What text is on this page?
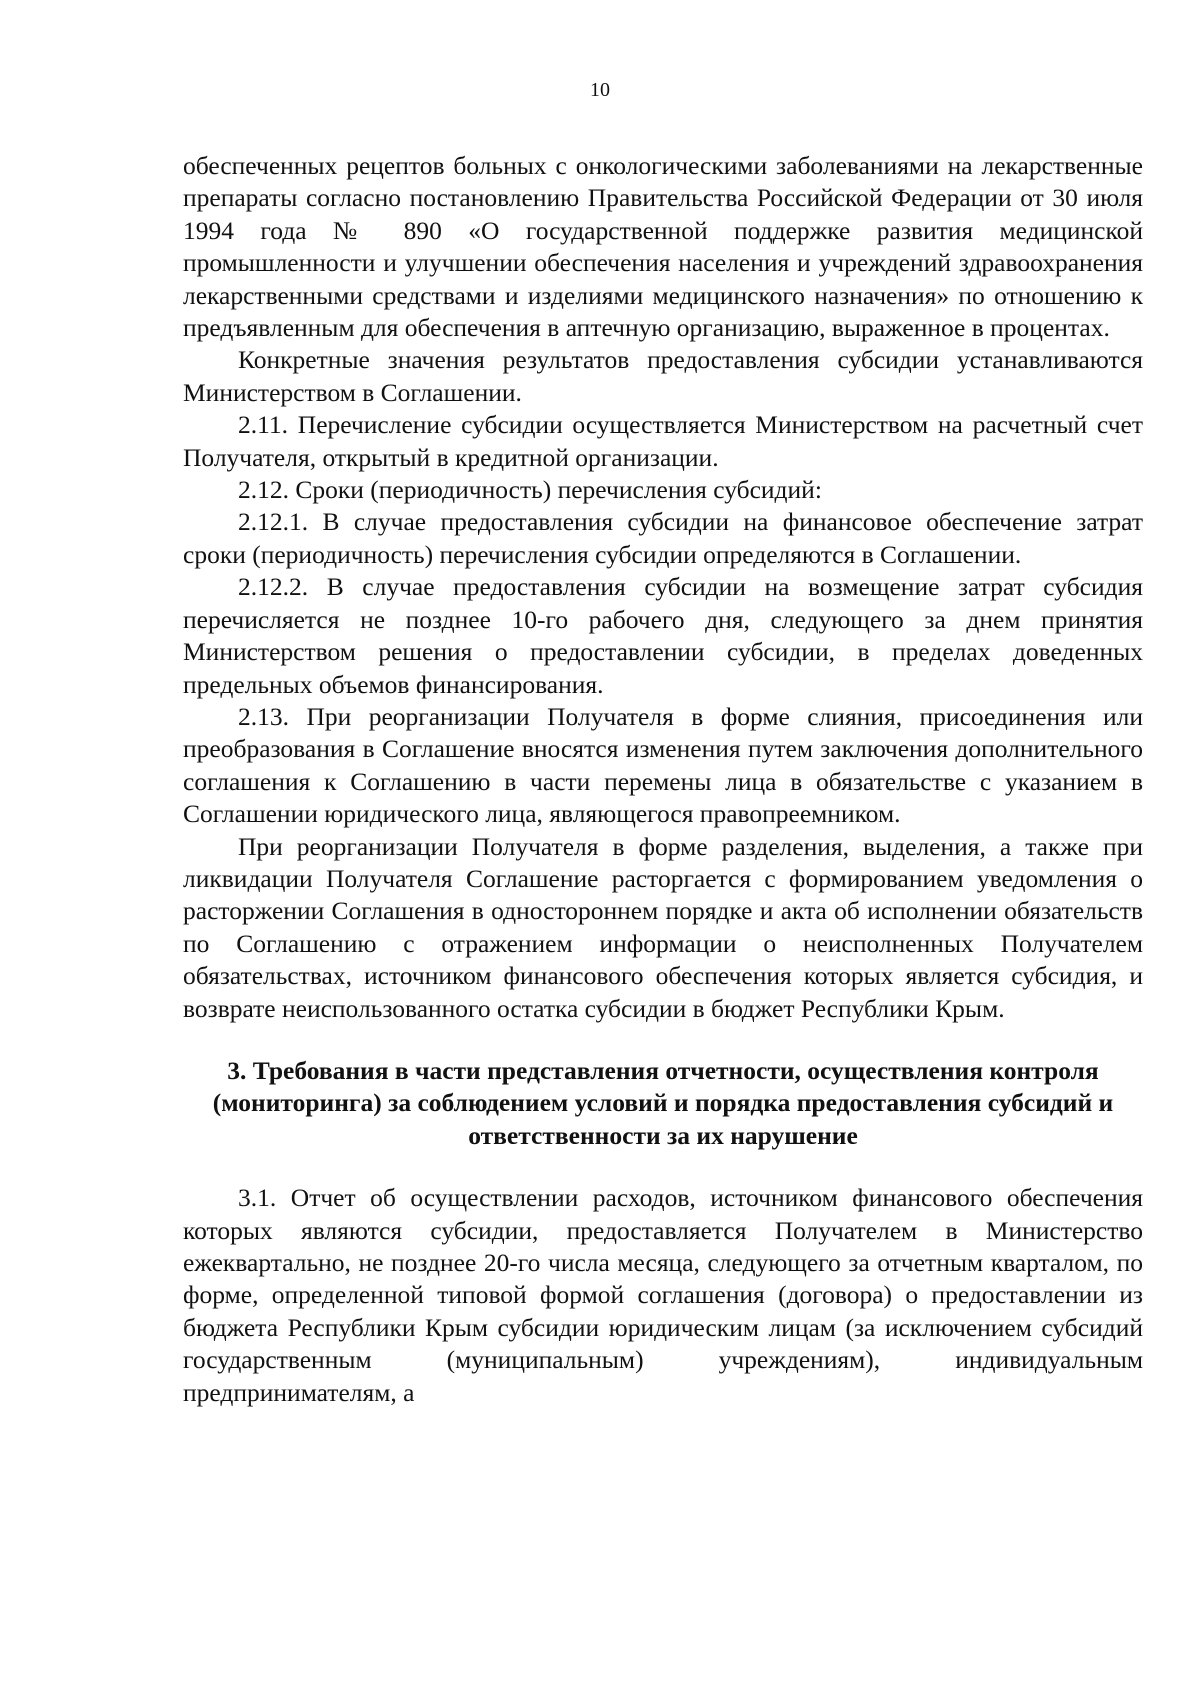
10

обеспеченных рецептов больных с онкологическими заболеваниями на лекарственные препараты согласно постановлению Правительства Российской Федерации от 30 июля 1994 года № 890 «О государственной поддержке развития медицинской промышленности и улучшении обеспечения населения и учреждений здравоохранения лекарственными средствами и изделиями медицинского назначения» по отношению к предъявленным для обеспечения в аптечную организацию, выраженное в процентах.

Конкретные значения результатов предоставления субсидии устанавливаются Министерством в Соглашении.

2.11. Перечисление субсидии осуществляется Министерством на расчетный счет Получателя, открытый в кредитной организации.

2.12. Сроки (периодичность) перечисления субсидий:

2.12.1. В случае предоставления субсидии на финансовое обеспечение затрат сроки (периодичность) перечисления субсидии определяются в Соглашении.

2.12.2. В случае предоставления субсидии на возмещение затрат субсидия перечисляется не позднее 10-го рабочего дня, следующего за днем принятия Министерством решения о предоставлении субсидии, в пределах доведенных предельных объемов финансирования.

2.13. При реорганизации Получателя в форме слияния, присоединения или преобразования в Соглашение вносятся изменения путем заключения дополнительного соглашения к Соглашению в части перемены лица в обязательстве с указанием в Соглашении юридического лица, являющегося правопреемником.

При реорганизации Получателя в форме разделения, выделения, а также при ликвидации Получателя Соглашение расторгается с формированием уведомления о расторжении Соглашения в одностороннем порядке и акта об исполнении обязательств по Соглашению с отражением информации о неисполненных Получателем обязательствах, источником финансового обеспечения которых является субсидия, и возврате неиспользованного остатка субсидии в бюджет Республики Крым.

3. Требования в части представления отчетности, осуществления контроля (мониторинга) за соблюдением условий и порядка предоставления субсидий и ответственности за их нарушение

3.1. Отчет об осуществлении расходов, источником финансового обеспечения которых являются субсидии, предоставляется Получателем в Министерство ежеквартально, не позднее 20-го числа месяца, следующего за отчетным кварталом, по форме, определенной типовой формой соглашения (договора) о предоставлении из бюджета Республики Крым субсидии юридическим лицам (за исключением субсидий государственным (муниципальным) учреждениям), индивидуальным предпринимателям, а
